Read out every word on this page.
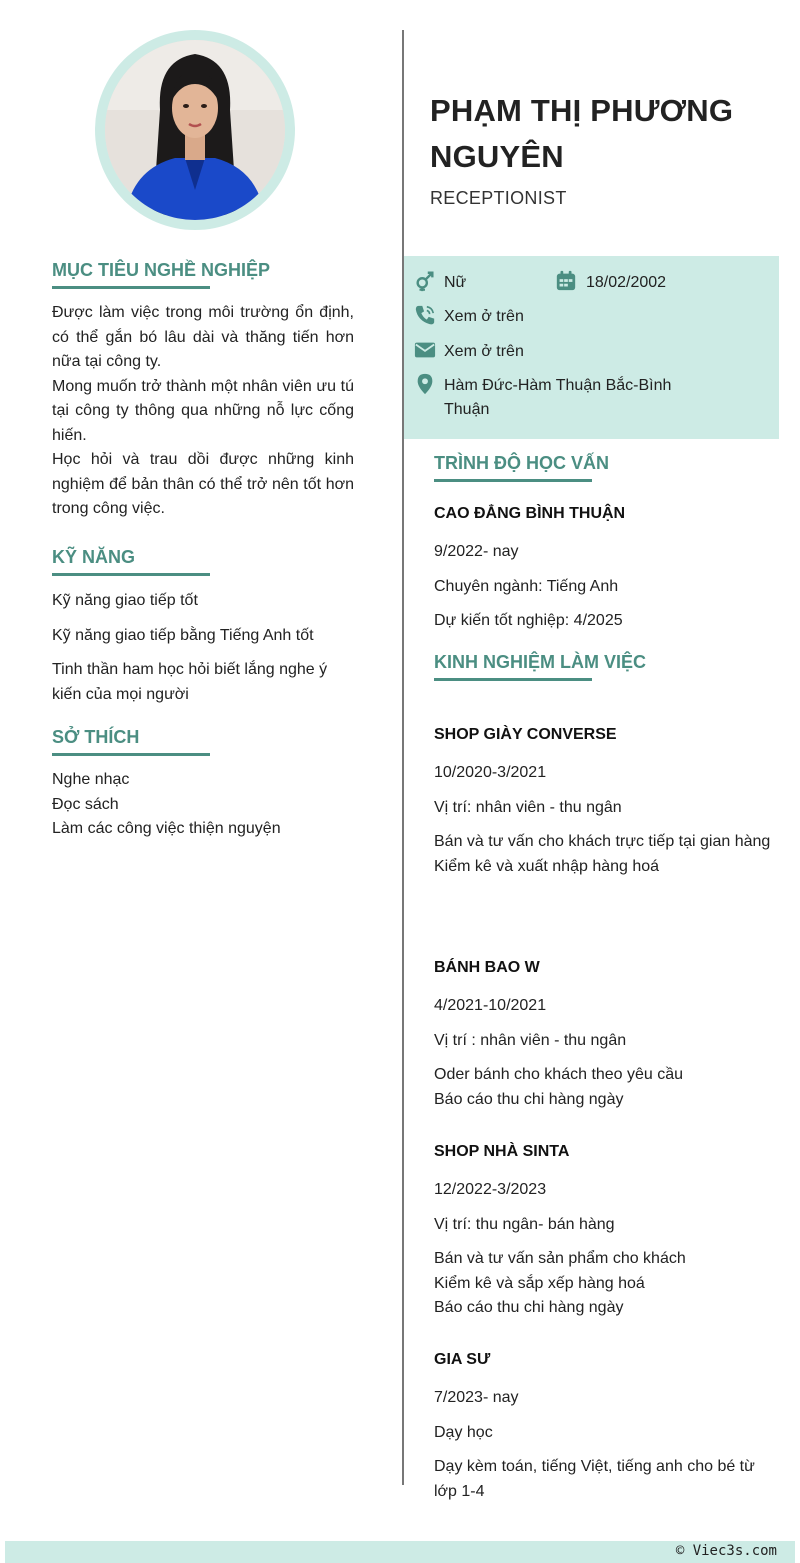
MỤC TIÊU NGHỀ NGHIỆP

Được làm việc trong môi trường ổn định, có thể gắn bó lâu dài và thăng tiến hơn nữa tại công ty.

Mong muốn trở thành một nhân viên ưu tú tại công ty thông qua những nỗ lực cống hiến.

Học hỏi và trau dồi được những kinh nghiệm để bản thân có thể trở nên tốt hơn trong công việc.

KỸ NĂNG

Kỹ năng giao tiếp tốt

Kỹ năng giao tiếp bằng Tiếng Anh tốt

Tinh thần ham học hỏi biết lắng nghe ý kiến của mọi người

SỞ THÍCH

Nghe nhạc

Đọc sách

Làm các công việc thiện nguyện

PHẠM THỊ PHƯƠNG
NGUYÊN
RECEPTIONIST
Nữ	18/02/2002
Xem ở trên
Xem ở trên
Hàm Đức-Hàm Thuận Bắc-Bình Thuận

TRÌNH ĐỘ HỌC VẤN

CAO ĐẲNG BÌNH THUẬN

9/2022- nay

Chuyên ngành: Tiếng Anh

Dự kiến tốt nghiệp: 4/2025

KINH NGHIỆM LÀM VIỆC

SHOP GIÀY CONVERSE

10/2020-3/2021

Vị trí: nhân viên - thu ngân

Bán và tư vấn cho khách trực tiếp tại gian hàng

Kiểm kê và xuất nhập hàng hoá

BÁNH BAO W

4/2021-10/2021

Vị trí : nhân viên - thu ngân

Oder bánh cho khách theo yêu cầu

Báo cáo thu chi hàng ngày

SHOP NHÀ SINTA

12/2022-3/2023

Vị trí: thu ngân- bán hàng

Bán và tư vấn sản phẩm cho khách

Kiểm kê và sắp xếp hàng hoá

Báo cáo thu chi hàng ngày

GIA SƯ

7/2023- nay

Dạy học

Dạy kèm toán, tiếng Việt, tiếng anh cho bé từ lớp 1-4

© Viec3s.com
